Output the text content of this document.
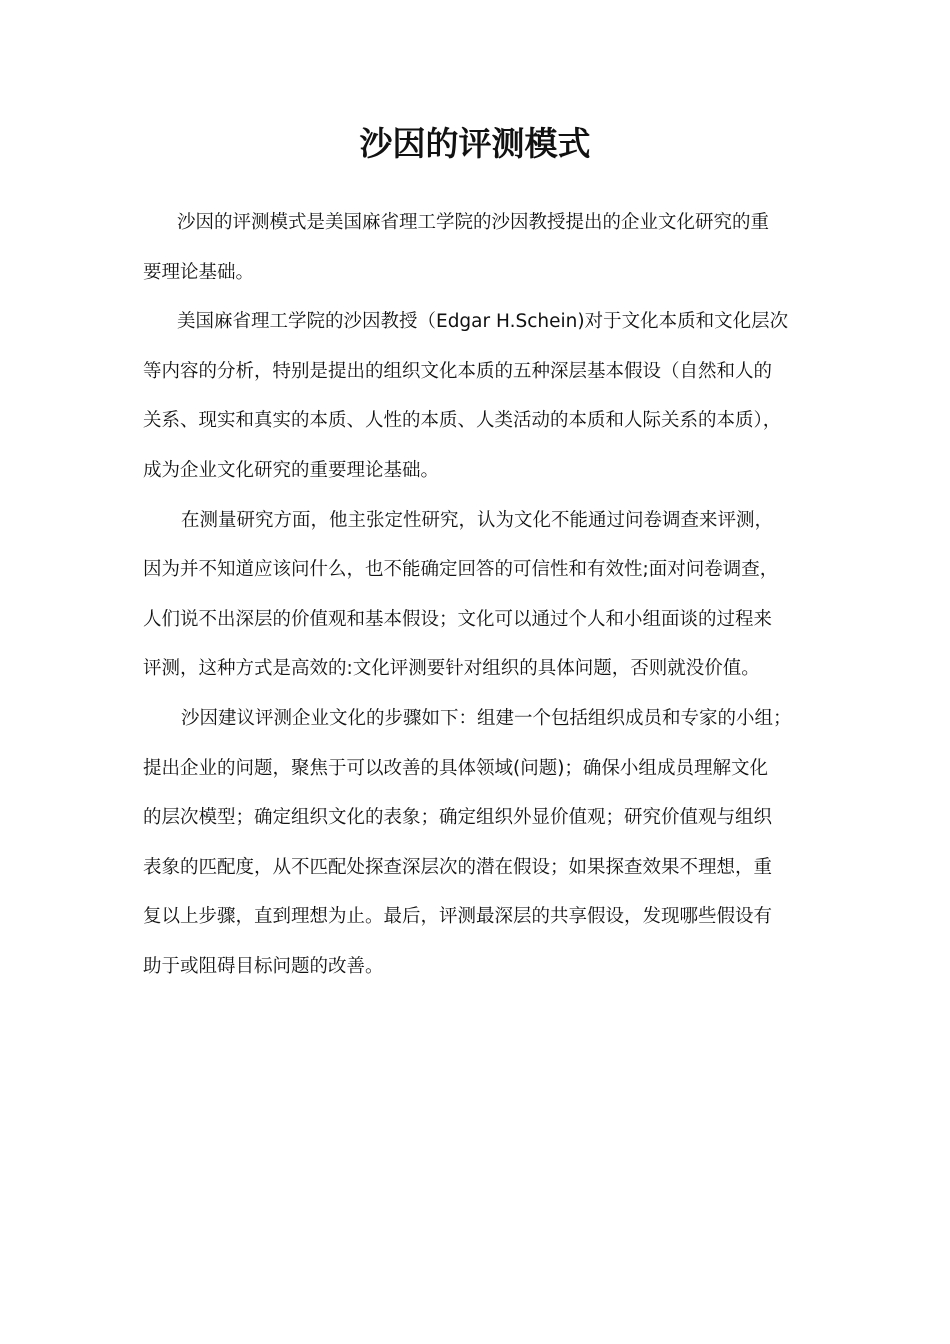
沙因的评测模式
沙因的评测模式是美国麻省理工学院的沙因教授提出的企业文化研究的重
要理论基础。
美国麻省理工学院的沙因教授（Edgar H.Schein)对于文化本质和文化层次
等内容的分析，特别是提出的组织文化本质的五种深层基本假设（自然和人的
关系、现实和真实的本质、人性的本质、人类活动的本质和人际关系的本质），
成为企业文化研究的重要理论基础。
在测量研究方面，他主张定性研究，认为文化不能通过问卷调查来评测，
因为并不知道应该问什么，也不能确定回答的可信性和有效性;面对问卷调查，
人们说不出深层的价值观和基本假设；文化可以通过个人和小组面谈的过程来
评测，这种方式是高效的:文化评测要针对组织的具体问题，否则就没价值。
沙因建议评测企业文化的步骤如下：组建一个包括组织成员和专家的小组；
提出企业的问题，聚焦于可以改善的具体领域(问题)；确保小组成员理解文化
的层次模型；确定组织文化的表象；确定组织外显价值观；研究价值观与组织
表象的匹配度，从不匹配处探查深层次的潜在假设；如果探查效果不理想，重
复以上步骤，直到理想为止。最后，评测最深层的共享假设，发现哪些假设有
助于或阻碍目标问题的改善。
